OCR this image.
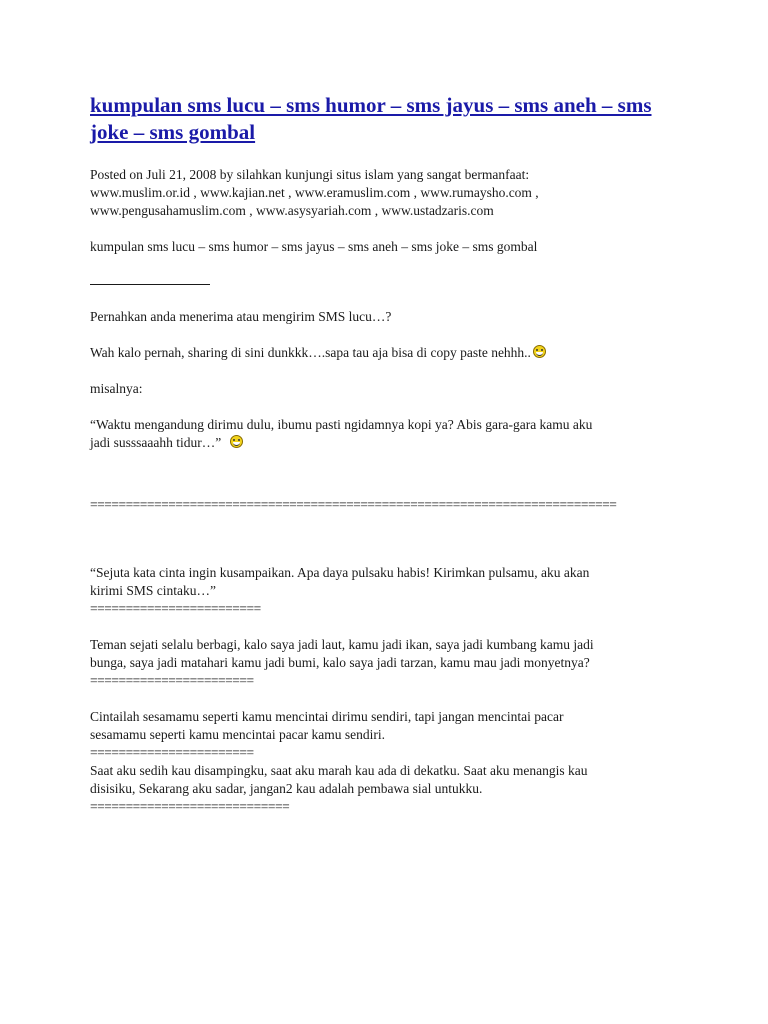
kumpulan sms lucu – sms humor – sms jayus – sms aneh – sms joke – sms gombal
Posted on Juli 21, 2008 by silahkan kunjungi situs islam yang sangat bermanfaat:
www.muslim.or.id , www.kajian.net , www.eramuslim.com , www.rumaysho.com ,
www.pengusahamuslim.com , www.asysyariah.com , www.ustadzaris.com

kumpulan sms lucu – sms humor – sms jayus – sms aneh – sms joke – sms gombal

Pernahkan anda menerima atau mengirim SMS lucu…?

Wah kalo pernah, sharing di sini dunkkk….sapa tau aja bisa di copy paste nehhh..

misalnya:

“Waktu mengandung dirimu dulu, ibumu pasti ngidamnya kopi ya? Abis gara-gara kamu aku
jadi susssaaahh tidur…”

==========================================================================

“Sejuta kata cinta ingin kusampaikan. Apa daya pulsaku habis! Kirimkan pulsamu, aku akan
kirimi SMS cintaku…”

========================

Teman sejati selalu berbagi, kalo saya jadi laut, kamu jadi ikan, saya jadi kumbang kamu jadi
bunga, saya jadi matahari kamu jadi bumi, kalo saya jadi tarzan, kamu mau jadi monyetnya?

=======================

Cintailah sesamamu seperti kamu mencintai dirimu sendiri, tapi jangan mencintai pacar
sesamamu seperti kamu mencintai pacar kamu sendiri.

=======================

Saat aku sedih kau disampingku, saat aku marah kau ada di dekatku. Saat aku menangis kau
disisiku, Sekarang aku sadar, jangan2 kau adalah pembawa sial untukku.

============================
